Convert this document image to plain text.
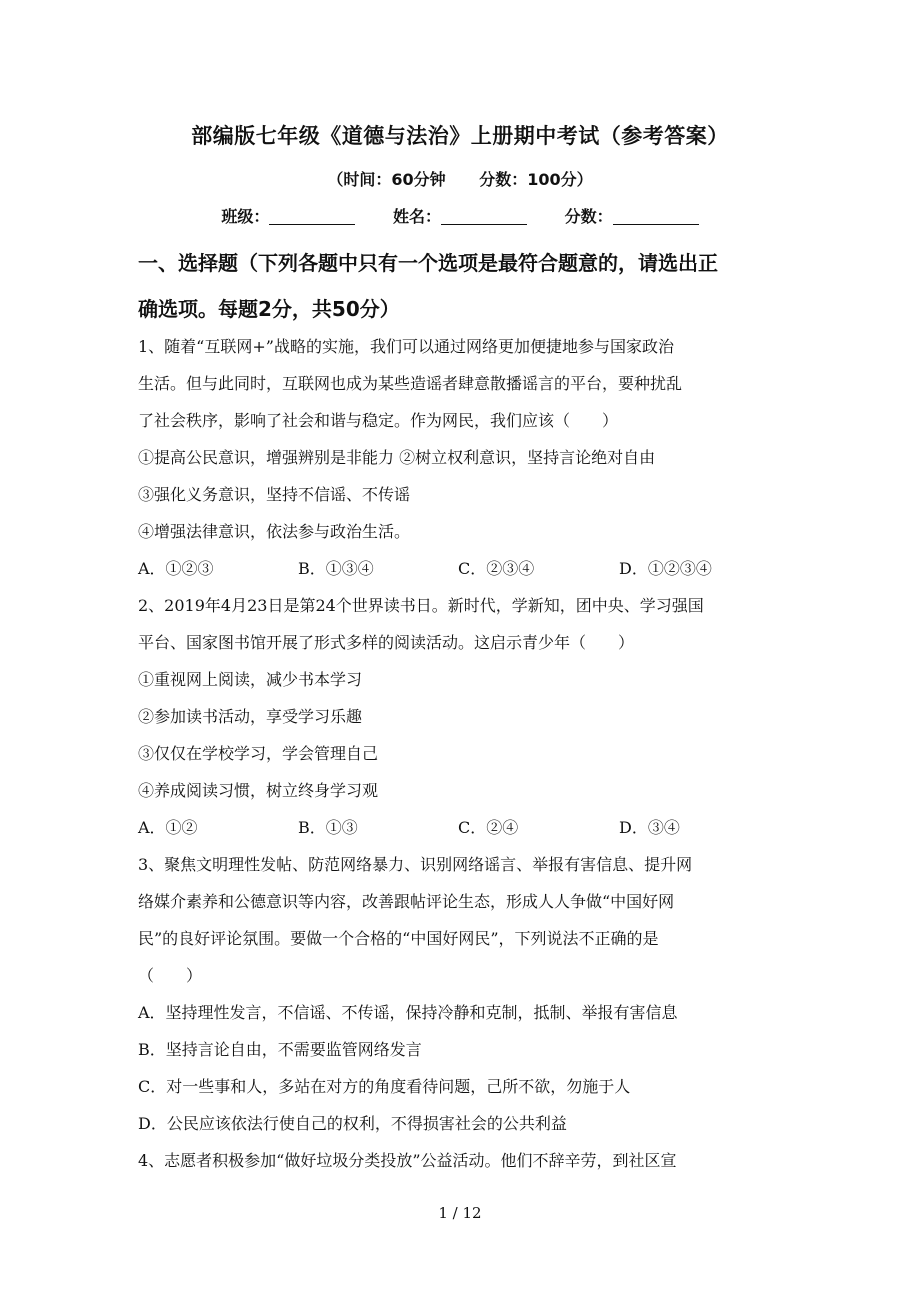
部编版七年级《道德与法治》上册期中考试（参考答案）
（时间：60分钟 分数：100分）
班级：	姓名：	分数：
一、选择题（下列各题中只有一个选项是最符合题意的，请选出正
确选项。每题2分，共50分）
1、随着“互联网+”战略的实施，我们可以通过网络更加便捷地参与国家政治
生活。但与此同时，互联网也成为某些造谣者肆意散播谣言的平台，要种扰乱
了社会秩序，影响了社会和谐与稳定。作为网民，我们应该（　　）
①提高公民意识，增强辨别是非能力 ②树立权利意识，坚持言论绝对自由
③强化义务意识，坚持不信谣、不传谣
④增强法律意识，依法参与政治生活。
A．①②③	B．①③④	C．②③④	D．①②③④
2、2019年4月23日是第24个世界读书日。新时代，学新知，团中央、学习强国
平台、国家图书馆开展了形式多样的阅读活动。这启示青少年（　　）
①重视网上阅读，减少书本学习
②参加读书活动，享受学习乐趣
③仅仅在学校学习，学会管理自己
④养成阅读习惯，树立终身学习观
A．①②	B．①③	C．②④	D．③④
3、聚焦文明理性发帖、防范网络暴力、识别网络谣言、举报有害信息、提升网
络媒介素养和公德意识等内容，改善跟帖评论生态，形成人人争做“中国好网
民”的良好评论氛围。要做一个合格的“中国好网民”，下列说法不正确的是
（　　）
A．坚持理性发言，不信谣、不传谣，保持冷静和克制，抵制、举报有害信息
B．坚持言论自由，不需要监管网络发言
C．对一些事和人，多站在对方的角度看待问题，己所不欲，勿施于人
D．公民应该依法行使自己的权利，不得损害社会的公共利益
4、志愿者积极参加“做好垃圾分类投放”公益活动。他们不辞辛劳，到社区宣
1 / 12
